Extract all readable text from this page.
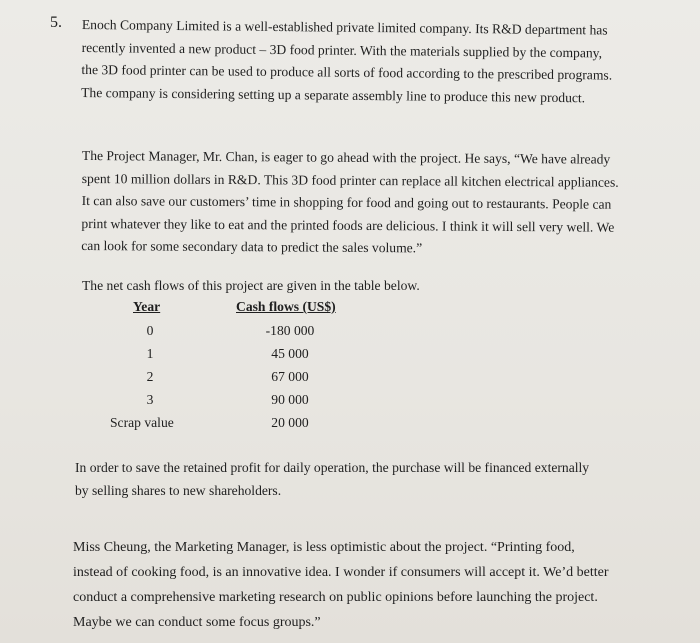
5. Enoch Company Limited is a well-established private limited company. Its R&D department has
recently invented a new product – 3D food printer. With the materials supplied by the company,
the 3D food printer can be used to produce all sorts of food according to the prescribed programs.
The company is considering setting up a separate assembly line to produce this new product.

The Project Manager, Mr. Chan, is eager to go ahead with the project. He says, “We have already
spent 10 million dollars in R&D. This 3D food printer can replace all kitchen electrical appliances.
It can also save our customers’ time in shopping for food and going out to restaurants. People can
print whatever they like to eat and the printed foods are delicious. I think it will sell very well. We
can look for some secondary data to predict the sales volume.”

The net cash flows of this project are given in the table below.

Year	Cash flows (US$)
0	-180 000
1	45 000
2	67 000
3	90 000
Scrap value	20 000

In order to save the retained profit for daily operation, the purchase will be financed externally
by selling shares to new shareholders.

Miss Cheung, the Marketing Manager, is less optimistic about the project. “Printing food,
instead of cooking food, is an innovative idea. I wonder if consumers will accept it. We’d better
conduct a comprehensive marketing research on public opinions before launching the project.
Maybe we can conduct some focus groups.”
